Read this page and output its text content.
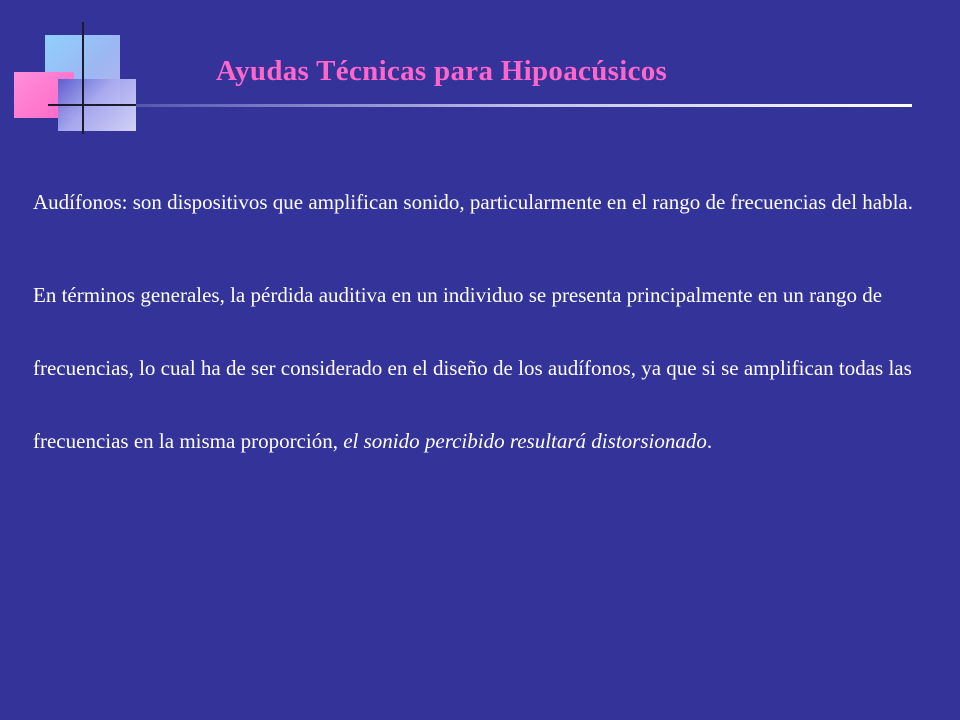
Ayudas Técnicas para Hipoacúsicos

Audífonos: son dispositivos que amplifican sonido, particularmente en el rango de frecuencias del habla.

En términos generales, la pérdida auditiva en un individuo se presenta principalmente en un rango de frecuencias, lo cual ha de ser considerado en el diseño de los audífonos, ya que si se amplifican todas las frecuencias en la misma proporción, el sonido percibido resultará distorsionado.
